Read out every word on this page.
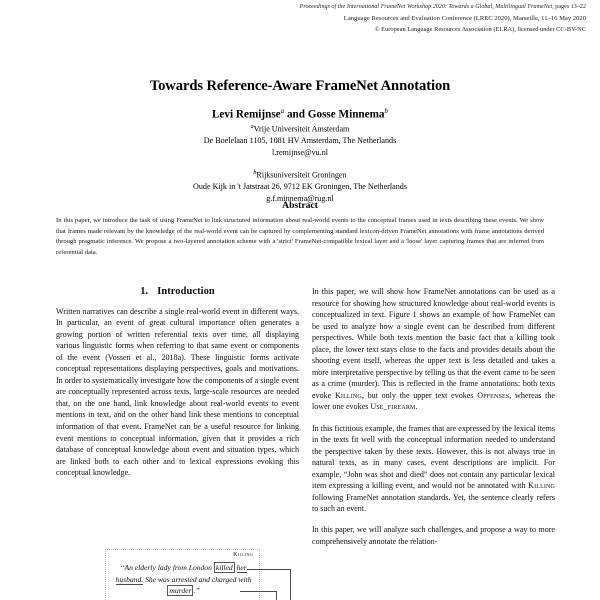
Proceedings of the International FrameNet Workshop 2020: Towards a Global, Multilingual FrameNet, pages 13–22
Language Resources and Evaluation Conference (LREC 2020), Marseille, 11–16 May 2020
© European Language Resources Association (ELRA), licensed under CC-BY-NC
Towards Reference-Aware FrameNet Annotation
Levi Remijnse$^a$ and Gosse Minnema$^b$
$^a$Vrije Universiteit Amsterdam
De Boelelaan 1105, 1081 HV Amsterdam, The Netherlands
l.remijnse@vu.nl
$^b$Rijksuniversiteit Groningen
Oude Kijk in 't Jatstraat 26, 9712 EK Groningen, The Netherlands
g.f.minnema@rug.nl
Abstract
In this paper, we introduce the task of using FrameNet to link structured information about real-world events to the conceptual frames used in texts describing these events. We show that frames made relevant by the knowledge of the real-world event can be captured by complementing standard lexicon-driven FrameNet annotations with frame annotations derived through pragmatic inference. We propose a two-layered annotation scheme with a 'strict' FrameNet-compatible lexical layer and a 'loose' layer capturing frames that are inferred from referential data.
1. Introduction

Written narratives can describe a single real-world event in different ways. In particular, an event of great cultural importance often generates a growing portion of written referential texts over time, all displaying various linguistic forms when referring to that same event or components of the event (Vossen et al., 2018a). These linguistic forms activate conceptual representations displaying perspectives, goals and motivations. In order to systematically investigate how the components of a single event are conceptually represented across texts, large-scale resources are needed that, on the one hand, link knowledge about real-world events to event mentions in text, and on the other hand link these mentions to conceptual information of that event. FrameNet can be a useful resource for linking event mentions to conceptual information, given that it provides a rich database of conceptual knowledge about event and situation types, which are linked both to each other and to lexical expressions evoking this conceptual knowledge.

In this paper, we will show how FrameNet annotations can be used as a resource for showing how structured knowledge about real-world events is conceptualized in text. Figure 1 shows an example of how FrameNet can be used to analyze how a single event can be described from different perspectives. While both texts mention the basic fact that a killing took place, the lower text stays close to the facts and provides details about the shooting event itself, whereas the upper text is less detailed and takes a more interpretative perspective by telling us that the event came to be seen as a crime (murder). This is reflected in the frame annotations: both texts evoke Killing, but only the upper text evokes Offenses, whereas the lower one evokes Use_firearm.

In this fictitious example, the frames that are expressed by the lexical items in the texts fit well with the conceptual information needed to understand the perspective taken by these texts. However, this is not always true in natural texts, as in many cases, event descriptions are implicit. For example, “John was shot and died” does not contain any particular lexical item expressing a killing event, and would not be annotated with Killing following FrameNet annotation standards. Yet, the sentence clearly refers to such an event.

In this paper, we will analyze such challenges, and propose a way to more comprehensively annotate the relation-

Killing
“An elderly lady from London killed her husband. She was arrested and charged with murder .”
